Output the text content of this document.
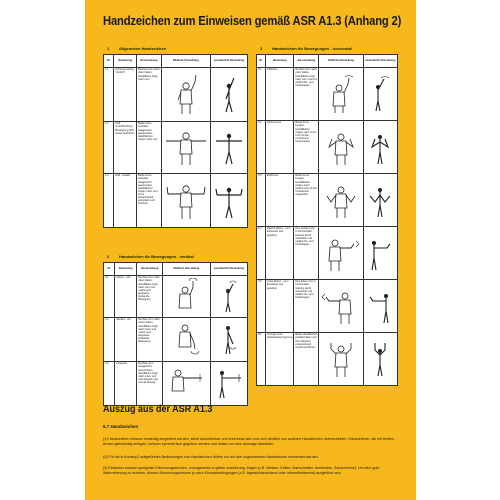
Handzeichen zum Einweisen gemäß ASR A1.3 (Anhang 2)
1 Allgemeine Handzeichen
Nr.	Bedeutung	Beschreibung	Bildliche Darstellung	vereinfachte Darstellung
1.1	Achtung Anfang Vorsicht	Rechten Arm nach oben halten, Handfläche zeigt nach vorn	

1.2	Halt Unterbrechung Bewegung nicht weiter ausführen	Beide Arme seitwärts waagerecht ausstrecken, Handflächen zeigen nach vorn	

1.3	Halt - Gefahr	Beide Arme seitwärts waagerecht ausstrecken, Handflächen zeigen nach vorn; Arme abwechselnd anwinkeln und strecken	

2 Handzeichen für Bewegungen - vertikal
Nr.	Bedeutung	Beschreibung	Bildliche Darstellung	vereinfachte Darstellung
2.1	Heben - Auf	Rechten Arm nach oben halten, Handfläche zeigt nach vorn und macht eine langsame kreisende Bewegung	

2.2	Senken - Ab	Rechten Arm nach unten halten, Handfläche zeigt nach innen und macht eine langsame kreisende Bewegung	

2.3	Langsam	Rechten Arm waagerecht ausstrecken, Handfläche zeigt nach unten und wird langsam auf und ab bewegt	

3 Handzeichen für Bewegungen - horizontal
Nr.	Bedeutung	Beschreibung	Bildliche Darstellung	vereinfachte Darstellung
3.1	Abfahren	Rechten Arm nach oben halten, Handfläche zeigt nach vorn und Arm seitlich hin- und herbewegen	

3.2	Herkommen	Beide Arme beugen, Handflächen zeigen nach innen und mit den Unterarmen heranwinken	

3.3	Entfernen	Beide Arme beugen, Handflächen zeigen nach außen und mit den Unterarmen wegwinken	

3.4	Rechts fahren - vom Einweiser aus gesehen	Den rechten Arm in horizontaler Haltung leicht anwinkeln und seitlich hin- und herbewegen	

3.5	Links fahren - vom Einweiser aus gesehen	Den linken Arm in horizontaler Haltung leicht anwinkeln und seitlich hin- und herbewegen	

3.6	Anzeige einer Abstandsverringerung	Beide Handflächen parallel halten und dem Abstand entsprechend zusammenführen	

Auszug aus der ASR A1.3
5.7 Handzeichen
(1) Handzeichen müssen eindeutig eingesetzt werden, leicht durchführbar und erkennbar sein und sich deutlich von anderen Handzeichen unterscheiden. Handzeichen, die mit beiden Armen gleichzeitig erfolgen, müssen symmetrisch gegeben werden und dürfen nur eine Aussage darstellen.
(2) Für die in Anhang 2 aufgeführten Bedeutungen von Handzeichen dürfen nur die dort zugeordneten Handzeichen verwendet werden.
(3) Einweiser müssen geeignete Erkennungszeichen, vorzugsweise in gelber Ausführung, tragen (z.B. Westen, Kellen, Manschetten, Armbinden, Schutzhelme). Um eine gute Wahrnehmung zu erzielen, können Erkennungszeichen je nach Einsatzbedingungen (z.B. tageslichtleuchtend oder retroreflektierend) ausgeführt sein.
